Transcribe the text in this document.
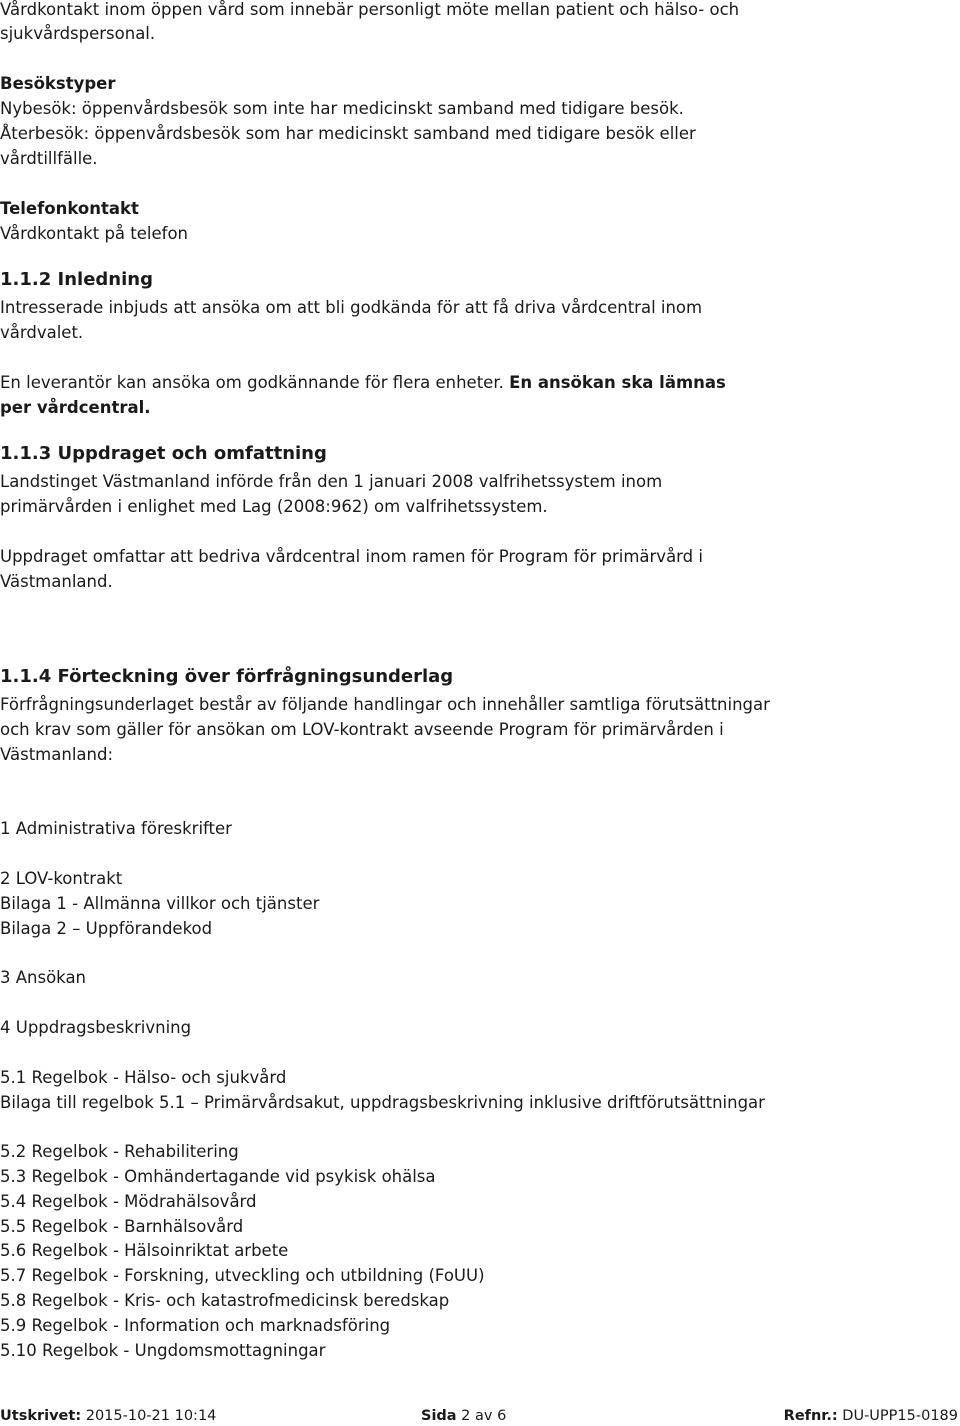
Vårdkontakt inom öppen vård som innebär personligt möte mellan patient och hälso- och
sjukvårdspersonal.
Besökstyper
Nybesök: öppenvårdsbesök som inte har medicinskt samband med tidigare besök.
Återbesök: öppenvårdsbesök som har medicinskt samband med tidigare besök eller
vårdtillfälle.
Telefonkontakt
Vårdkontakt på telefon
1.1.2 Inledning
Intresserade inbjuds att ansöka om att bli godkända för att få driva vårdcentral inom
vårdvalet.
En leverantör kan ansöka om godkännande för flera enheter. En ansökan ska lämnas
per vårdcentral.
1.1.3 Uppdraget och omfattning
Landstinget Västmanland införde från den 1 januari 2008 valfrihetssystem inom
primärvården i enlighet med Lag (2008:962) om valfrihetssystem.
Uppdraget omfattar att bedriva vårdcentral inom ramen för Program för primärvård i
Västmanland.
1.1.4 Förteckning över förfrågningsunderlag
Förfrågningsunderlaget består av följande handlingar och innehåller samtliga förutsättningar
och krav som gäller för ansökan om LOV-kontrakt avseende Program för primärvården i
Västmanland:
1 Administrativa föreskrifter
2 LOV-kontrakt
Bilaga 1 - Allmänna villkor och tjänster
Bilaga 2 – Uppförandekod
3 Ansökan
4 Uppdragsbeskrivning
5.1 Regelbok - Hälso- och sjukvård
Bilaga till regelbok 5.1 – Primärvårdsakut, uppdragsbeskrivning inklusive driftförutsättningar
5.2 Regelbok - Rehabilitering
5.3 Regelbok - Omhändertagande vid psykisk ohälsa
5.4 Regelbok - Mödrahälsovård
5.5 Regelbok - Barnhälsovård
5.6 Regelbok - Hälsoinriktat arbete
5.7 Regelbok - Forskning, utveckling och utbildning (FoUU)
5.8 Regelbok - Kris- och katastrofmedicinsk beredskap
5.9 Regelbok - Information och marknadsföring
5.10 Regelbok - Ungdomsmottagningar
Utskrivet: 2015-10-21 10:14	Sida 2 av 6	Refnr.: DU-UPP15-0189
